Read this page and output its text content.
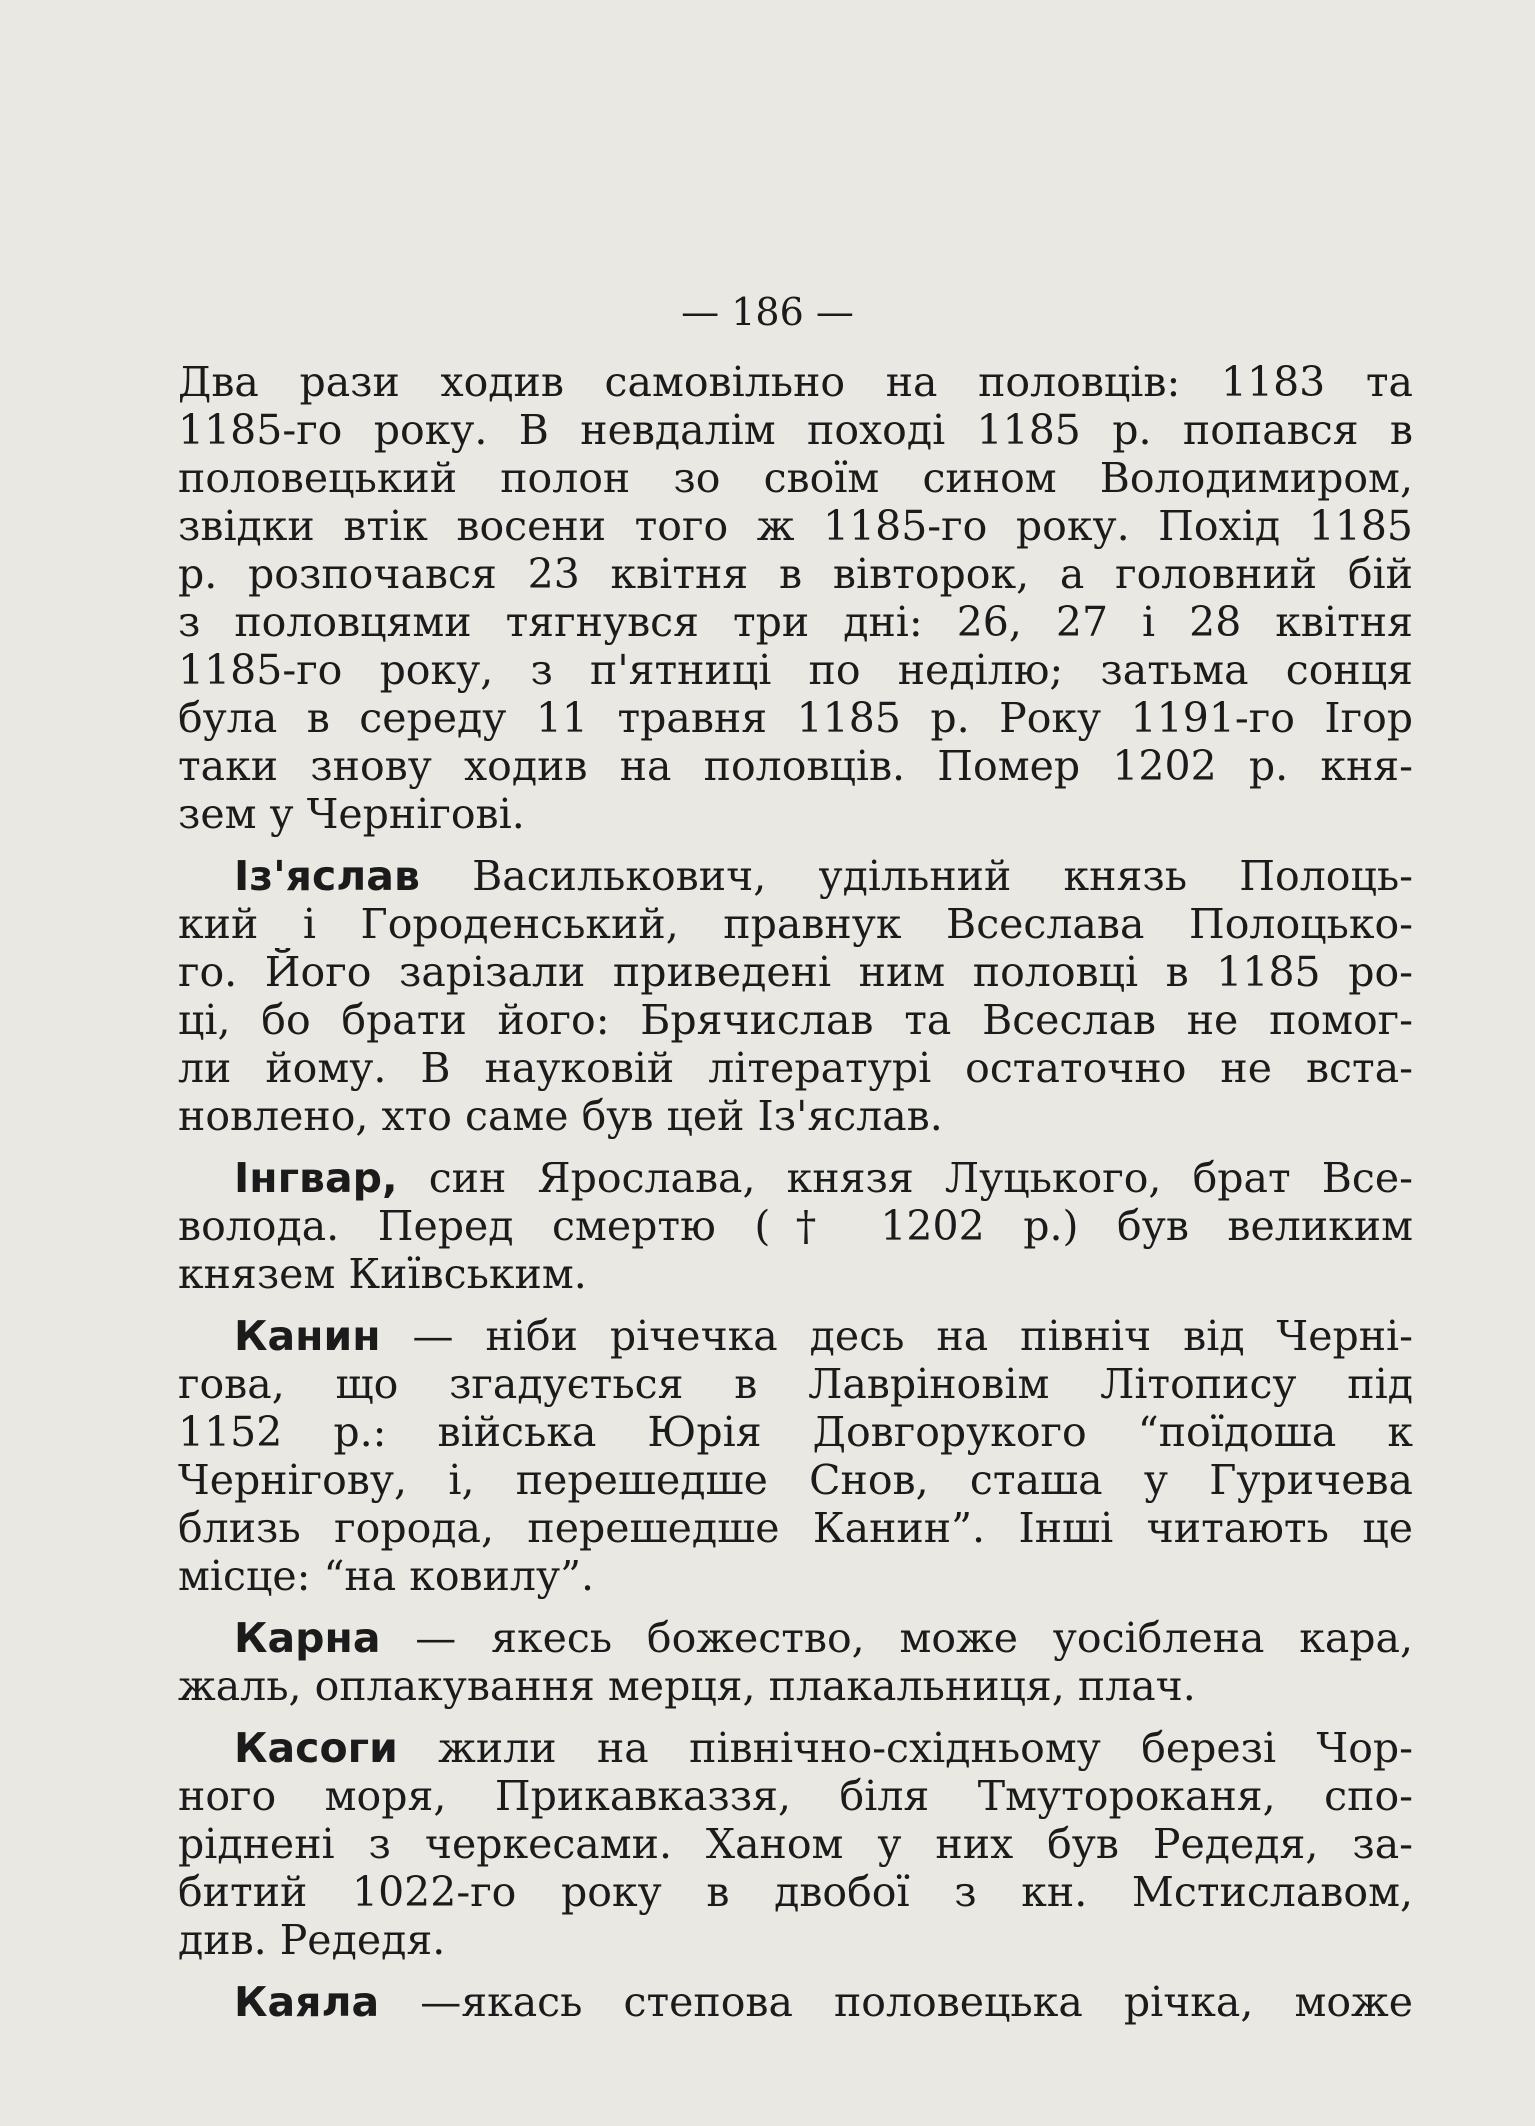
— 186 —
Два рази ходив самовільно на половців: 1183 та
1185-го року. В невдалім поході 1185 р. попався в
половецький полон зо своїм сином Володимиром,
звідки втік восени того ж 1185-го року. Похід 1185
р. розпочався 23 квітня в вівторок, а головний бій
з половцями тягнувся три дні: 26, 27 і 28 квітня
1185-го року, з п'ятниці по неділю; затьма сонця
була в середу 11 травня 1185 р. Року 1191-го Ігор
таки знову ходив на половців. Помер 1202 р. кня-
зем у Чернігові.
Із'яслав Василькович, удільний князь Полоць-
кий і Городенський, правнук Всеслава Полоцько-
го. Його зарізали приведені ним половці в 1185 ро-
ці, бо брати його: Брячислав та Всеслав не помог-
ли йому. В науковій літературі остаточно не вста-
новлено, хто саме був цей Із'яслав.
Інгвар, син Ярослава, князя Луцького, брат Все-
волода. Перед смертю († 1202 р.) був великим
князем Київським.
Канин — ніби річечка десь на північ від Черні-
гова, що згадується в Лаврінoвім Літопису під
1152 р.: війська Юрія Довгорукого “поїдоша к
Чернігову, і, перешедше Снов, сташа у Гуричева
близь города, перешедше Канин”. Інші читають це
місце: “на ковилу”.
Карна — якесь божество, може уосіблена кара,
жаль, оплакування мерця, плакальниця, плач.
Касоги жили на північно-східньому березі Чор-
ного моря, Прикавказзя, біля Тмутороканя, спо-
ріднені з черкесами. Ханом у них був Редедя, за-
битий 1022-го року в двобої з кн. Мстиславом,
див. Редедя.
Каяла —якась степова половецька річка, може
